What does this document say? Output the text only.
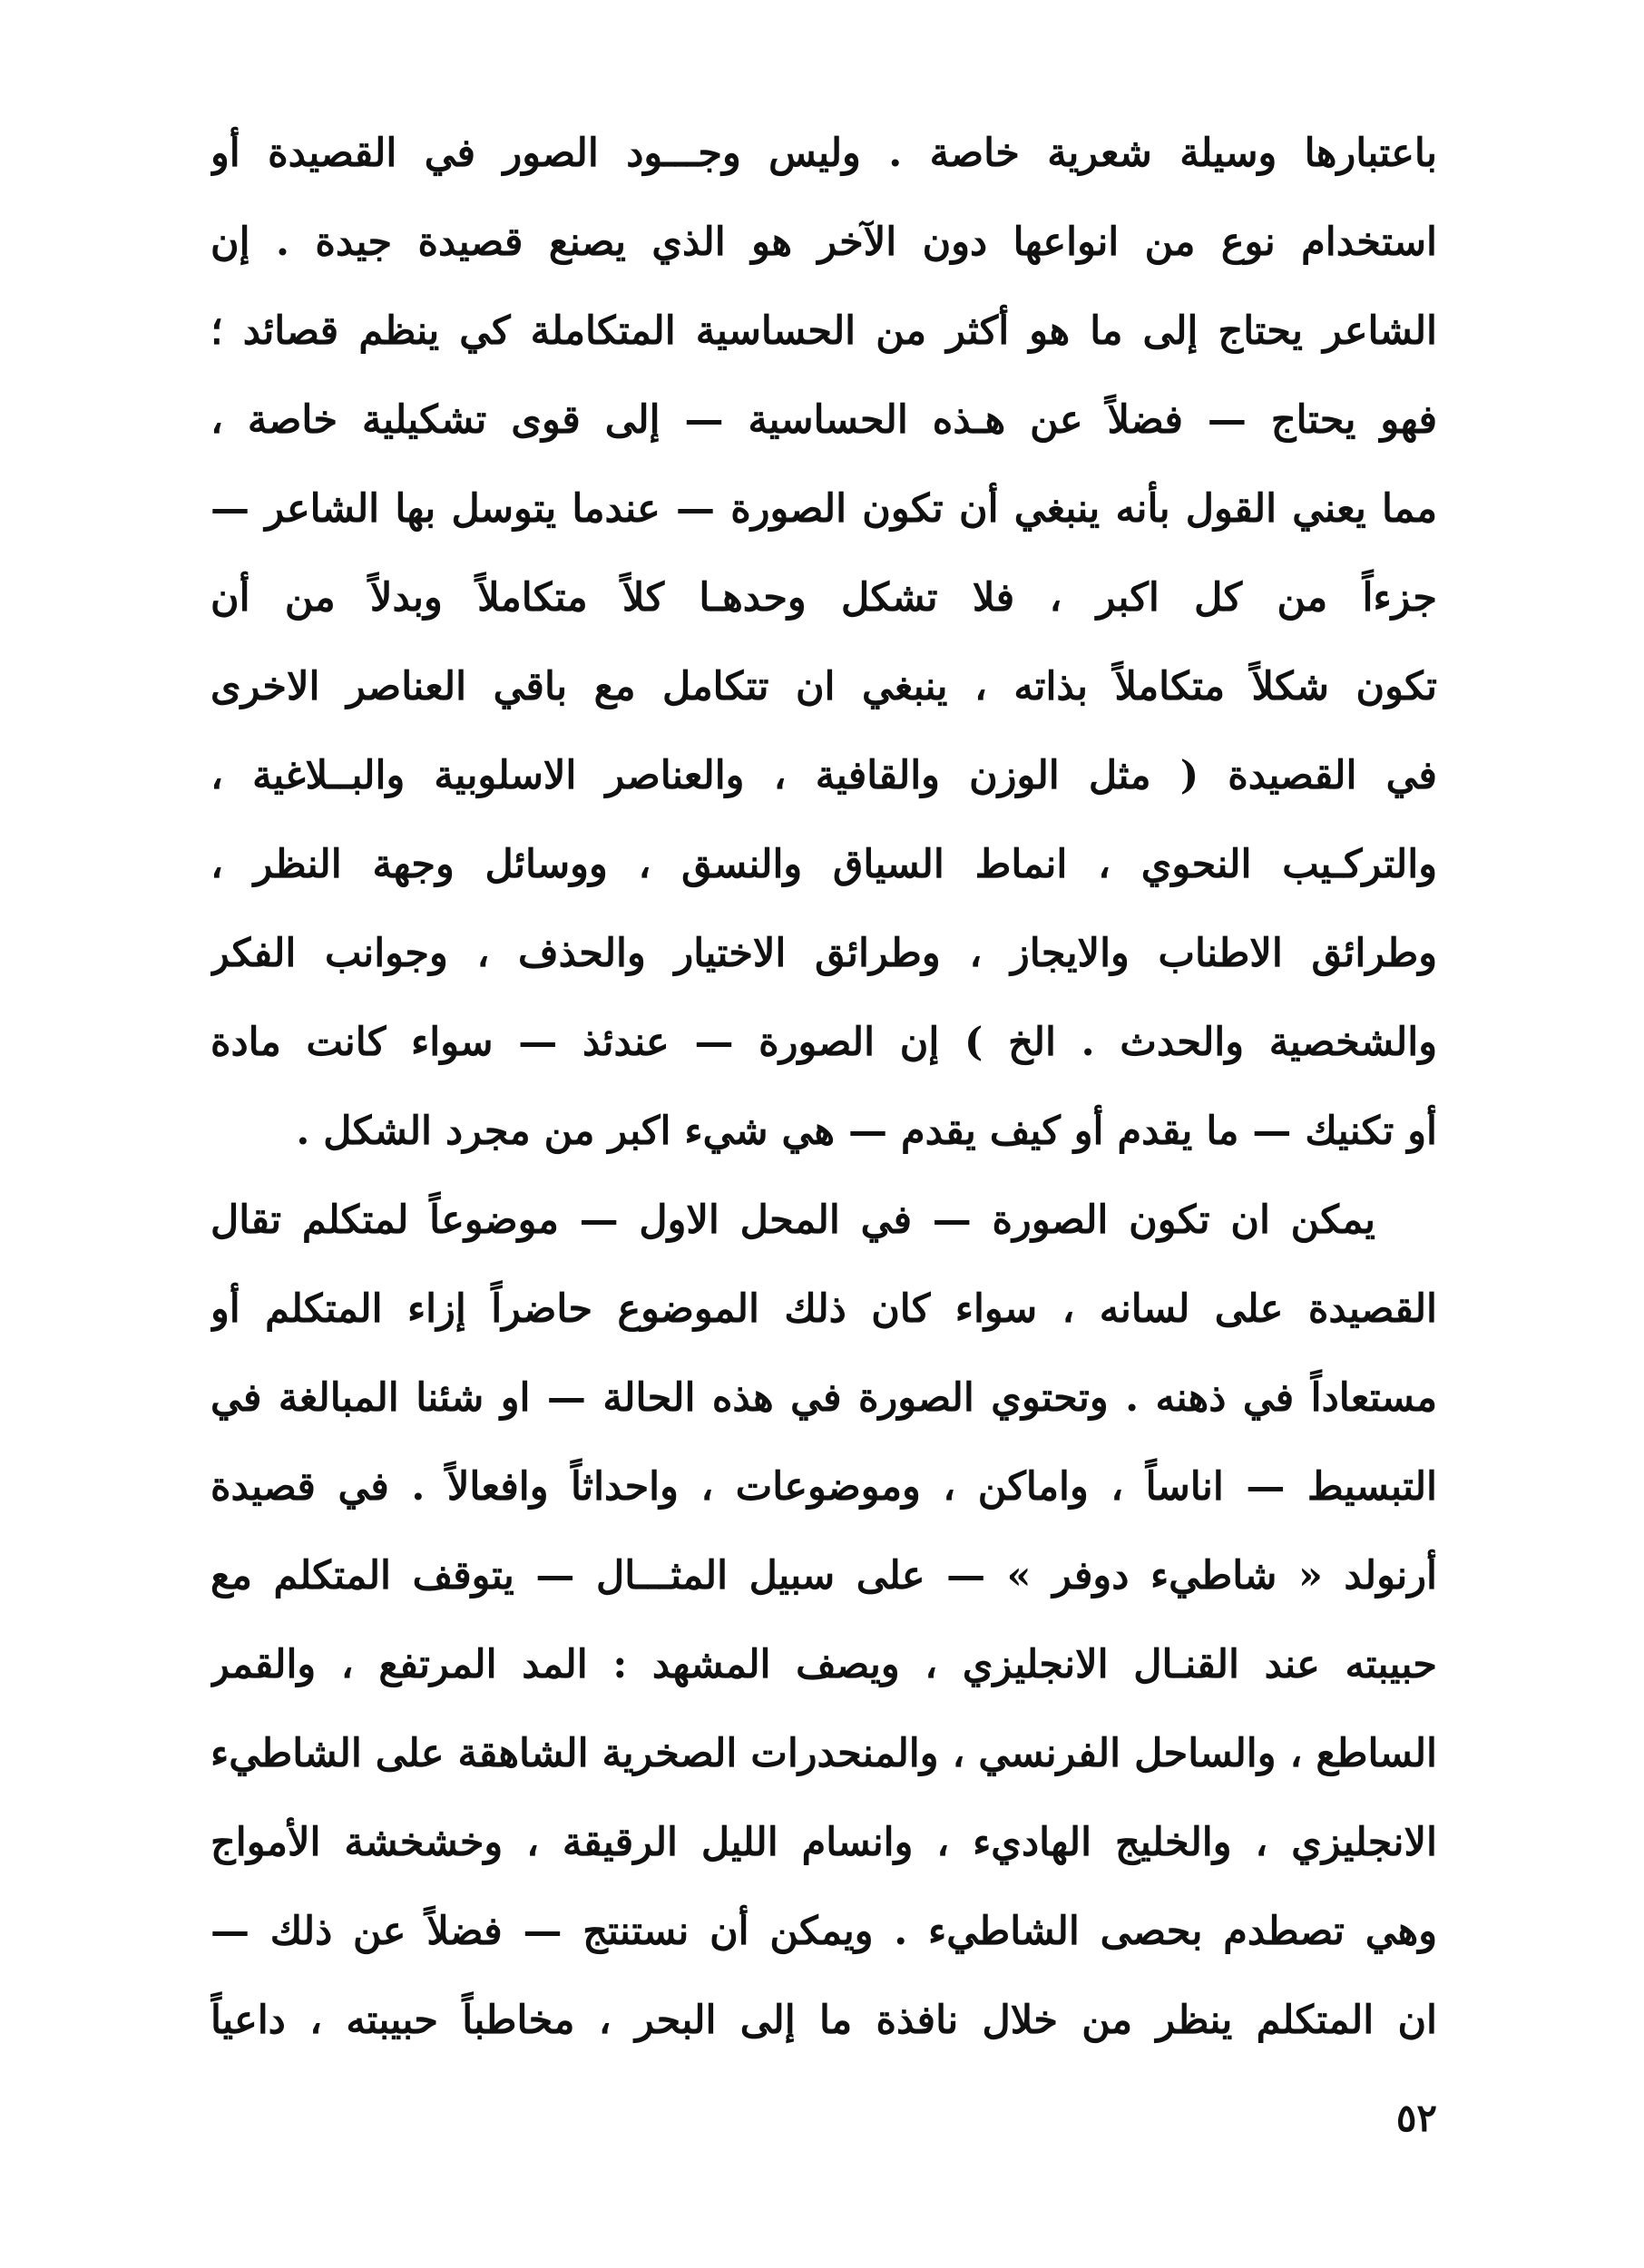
باعتبارها وسيلة شعرية خاصة . وليس وجـــود الصور في القصيدة أو
استخدام نوع من انواعها دون الآخر هو الذي يصنع قصيدة جيدة . إن
الشاعر يحتاج إلى ما هو أكثر من الحساسية المتكاملة كي ينظم قصائد ؛
فهو يحتاج — فضلاً عن هـذه الحساسية — إلى قوى تشكيلية خاصة ،
مما يعني القول بأنه ينبغي أن تكون الصورة — عندما يتوسل بها الشاعر —
جزءاً من كل اكبر ، فلا تشكل وحدهـا كلاً متكاملاً وبدلاً من أن
تكون شكلاً متكاملاً بذاته ، ينبغي ان تتكامل مع باقي العناصر الاخرى
في القصيدة ( مثل الوزن والقافية ، والعناصر الاسلوبية والبــلاغية ،
والتركـيب النحوي ، انماط السياق والنسق ، ووسائل وجهة النظر ،
وطرائق الاطناب والايجاز ، وطرائق الاختيار والحذف ، وجوانب الفكر
والشخصية والحدث . الخ ) إن الصورة — عندئذ — سواء كانت مادة
أو تكنيك — ما يقدم أو كيف يقدم — هي شيء اكبر من مجرد الشكل .
يمكن ان تكون الصورة — في المحل الاول — موضوعاً لمتكلم تقال
القصيدة على لسانه ، سواء كان ذلك الموضوع حاضراً إزاء المتكلم أو
مستعاداً في ذهنه . وتحتوي الصورة في هذه الحالة — او شئنا المبالغة في
التبسيط — اناساً ، واماكن ، وموضوعات ، واحداثاً وافعالاً . في قصيدة
أرنولد « شاطيء دوفر » — على سبيل المثـــال — يتوقف المتكلم مع
حبيبته عند القنـال الانجليزي ، ويصف المشهد : المد المرتفع ، والقمر
الساطع ، والساحل الفرنسي ، والمنحدرات الصخرية الشاهقة على الشاطيء
الانجليزي ، والخليج الهاديء ، وانسام الليل الرقيقة ، وخشخشة الأمواج
وهي تصطدم بحصى الشاطيء . ويمكن أن نستنتج — فضلاً عن ذلك —
ان المتكلم ينظر من خلال نافذة ما إلى البحر ، مخاطباً حبيبته ، داعياً
٥٢
